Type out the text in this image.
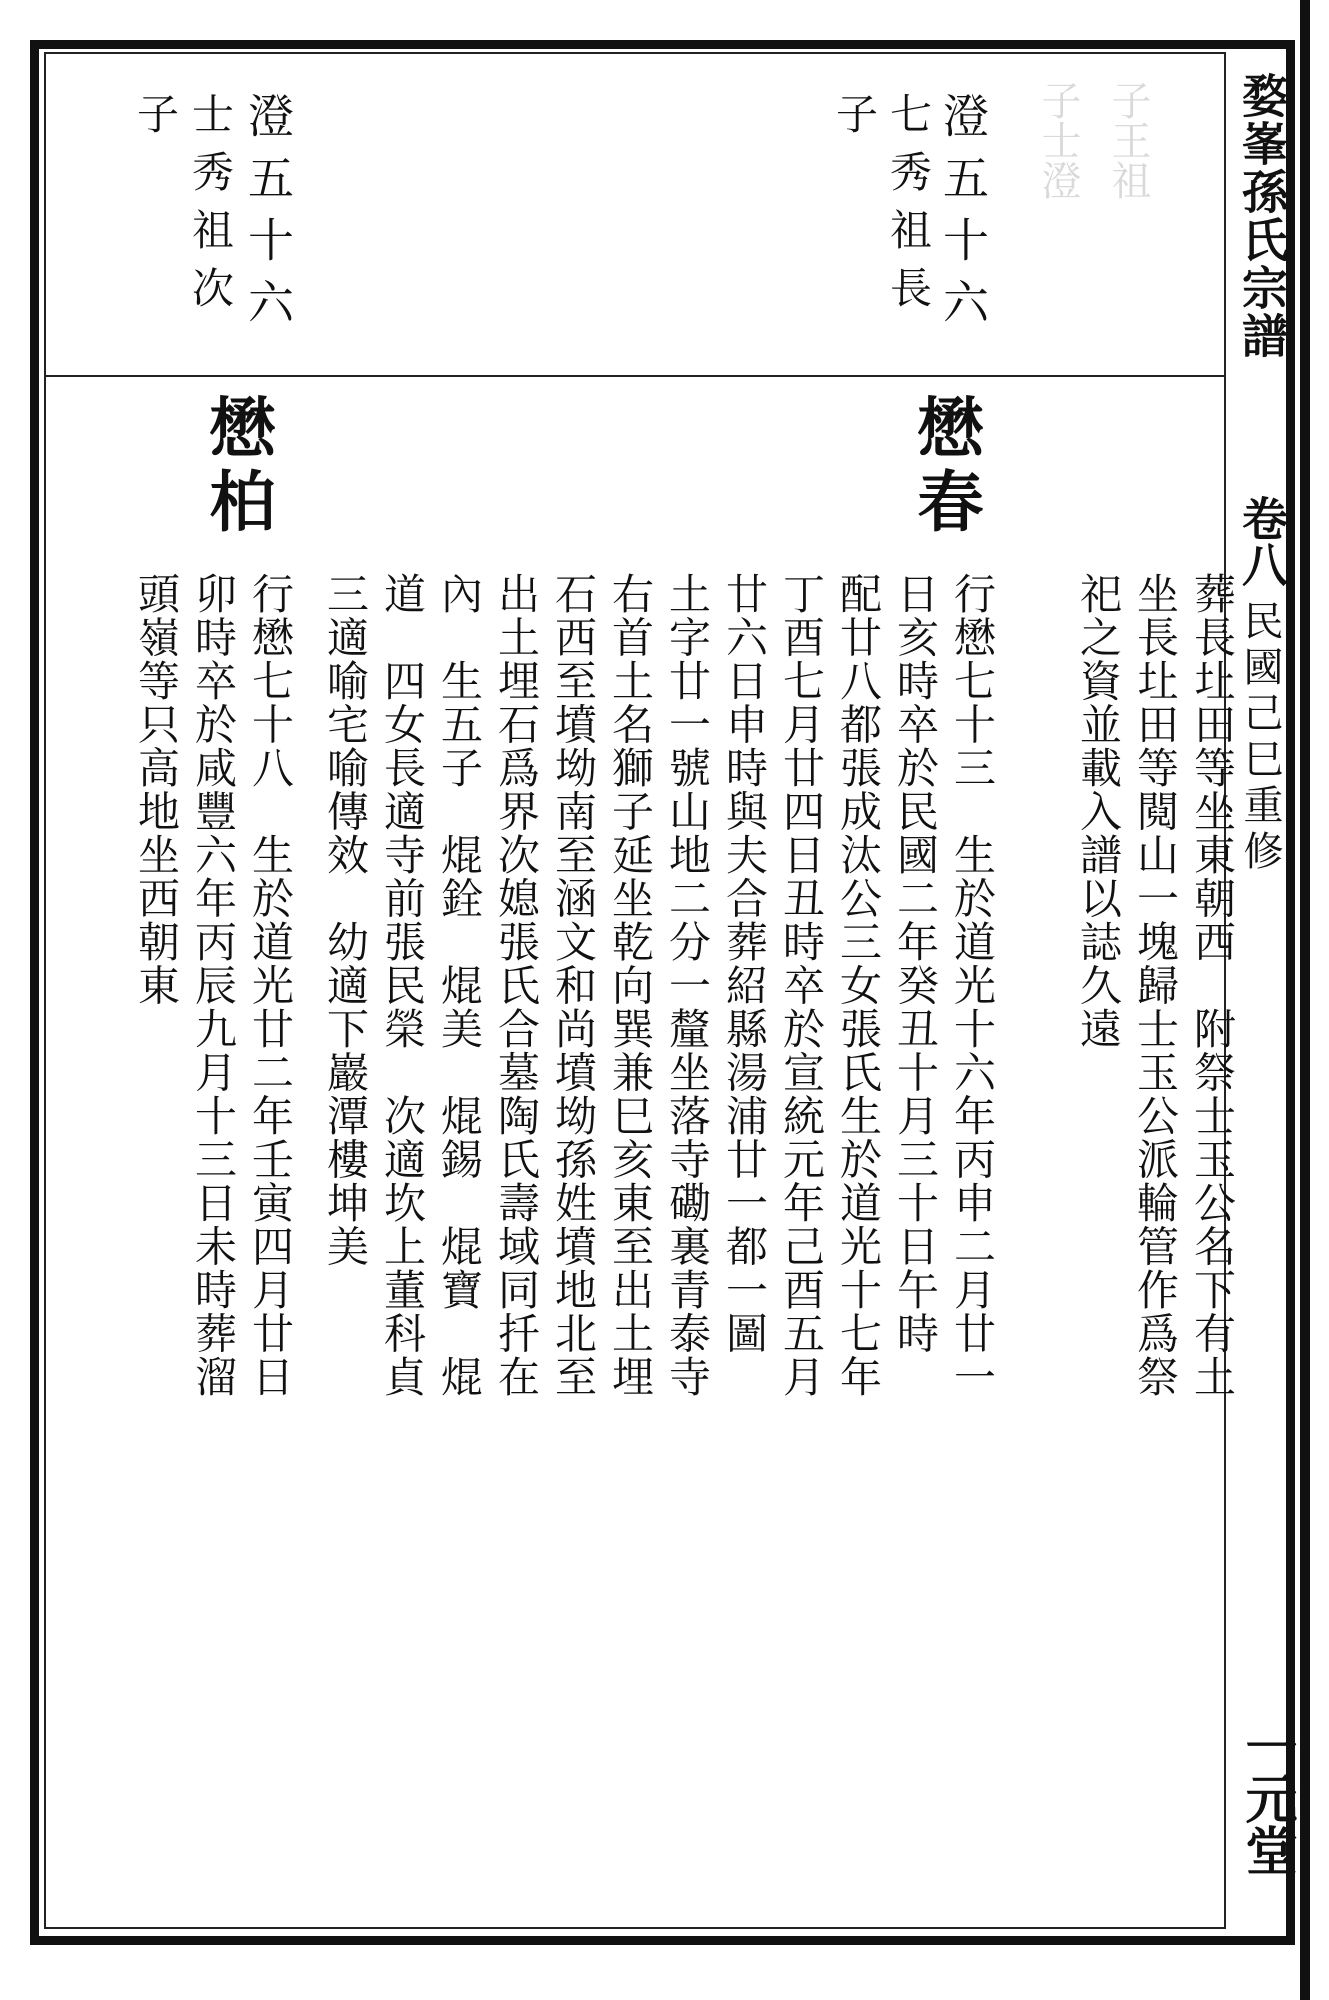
子士澄 子王祖 婺峯孫氏宗譜
卷八
民國己巳重修
一元堂
澄五十六
七秀祖長
子
澄五十六
士秀祖次
子
懋春
懋柏
葬長圵田等坐東朝西　附祭士玉公名下有土
坐長圵田等䦧山一塊歸士玉公派輪管作爲祭
祀之資並載入譜以誌久遠
行懋七十三　生於道光十六年丙申二月廿一
日亥時卒於民國二年癸丑十月三十日午時
配廿八都張成汰公三女張氏生於道光十七年
丁酉七月廿四日丑時卒於宣統元年己酉五月
廿六日申時與夫合葬紹縣湯浦廿一都一圖
土字廿一號山地二分一釐坐落寺磡裏青泰寺
右首土名獅子延坐乾向巽兼巳亥東至出土埋
石西至墳坳南至涵文和尚墳坳孫姓墳地北至
出土埋石爲界次媳張氏合墓陶氏壽域同扦在
內　生五子　焜銓　焜美　焜錫　焜寶　焜
道　四女長適寺前張民榮　次適坎上董科貞
三適喻宅喻傳效　幼適下巖潭樓坤美
行懋七十八　生於道光廿二年壬寅四月廿日
卯時卒於咸豐六年丙辰九月十三日未時葬溜
頭嶺等只高地坐西朝東
